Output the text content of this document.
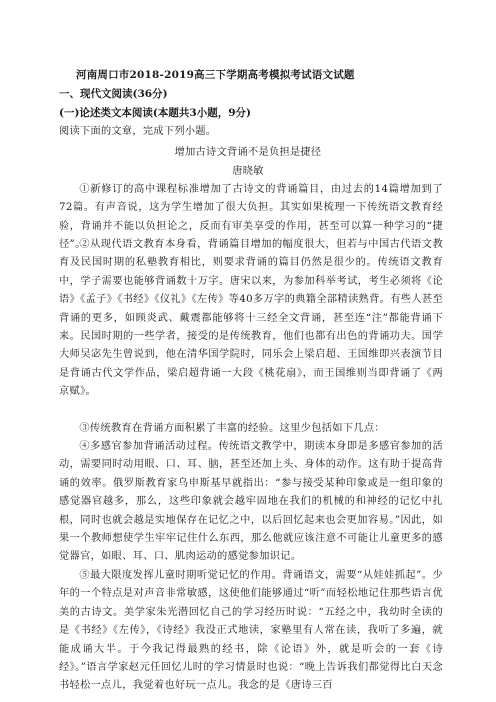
河南周口市2018-2019高三下学期高考模拟考试语文试题

一、现代文阅读(36分)

(一)论述类文本阅读(本题共3小题，9分)

阅读下面的文章，完成下列小题。

增加古诗文背诵不是负担是捷径

唐晓敏

①新修订的高中课程标准增加了古诗文的背诵篇目，由过去的14篇增加到了72篇。有声音说，这为学生增加了很大负担。其实如果梳理一下传统语文教育经验，背诵并不能以负担论之，反而有审美享受的作用，甚至可以算一种学习的“捷径”。

②从现代语文教育本身看，背诵篇目增加的幅度很大，但若与中国古代语文教育及民国时期的私塾教育相比，则要求背诵的篇目仍然是很少的。传统语文教育中，学子需要也能够背诵数十万字。唐宋以来，为参加科举考试，考生必须将《论语》《孟子》《书经》《仪礼》《左传》等40多万字的典籍全部精读熟背。有些人甚至背诵的更多，如顾炎武、戴震都能够将十三经全文背诵，甚至连“注”都能背诵下来。民国时期的一些学者，接受的是传统教育，他们也都有出色的背诵功夫。国学大师吴宓先生曾说到，他在清华国学院时，同乐会上梁启超、王国维即兴表演节目是背诵古代文学作品，梁启超背诵一大段《桃花扇》，而王国维则当即背诵了《两京赋》。

③传统教育在背诵方面积累了丰富的经验。这里少包括如下几点：

④多感官参加背诵活动过程。传统语文教学中，期读本身即是多感官参加的活动，需要同时动用眼、口、耳、脑，甚至还加上头、身体的动作。这有助于提高背诵的效率。俄罗斯教育家乌申斯基早就指出：“参与接受某种印象或是一组印象的感觉器官越多，那么，这些印象就会越牢固地在我们的机械的和神经的记忆中扎根，同时也就会越是实地保存在记忆之中，以后回忆起来也会更加容易。”因此，如果一个教师想使学生牢牢记住什么东西，那么他就应该注意不可能让儿童更多的感觉器官，如眼、耳、口、肌肉运动的感觉参加识记。

⑤最大限度发挥儿童时期听觉记忆的作用。背诵语文，需要“从娃娃抓起”。少年的一个特点是对声音非常敏感，这使他们能够通过“听”而轻松地记住那些语言优美的古诗文。美学家朱光潜回忆自己的学习经历时说：“五经之中，我幼时全读的是《书经》《左传》，《诗经》我没正式地读，家塾里有人常在读，我听了多遍，就能成诵大半。于今我记得最熟的经书，除《论语》外，就是听会的一套《诗经》。”语言学家赵元任回忆儿时的学习情景时也说：“晚上告诉我们都觉得比白天念书轻松一点儿，我觉着也好玩一点儿。我念的是《唐诗三百
